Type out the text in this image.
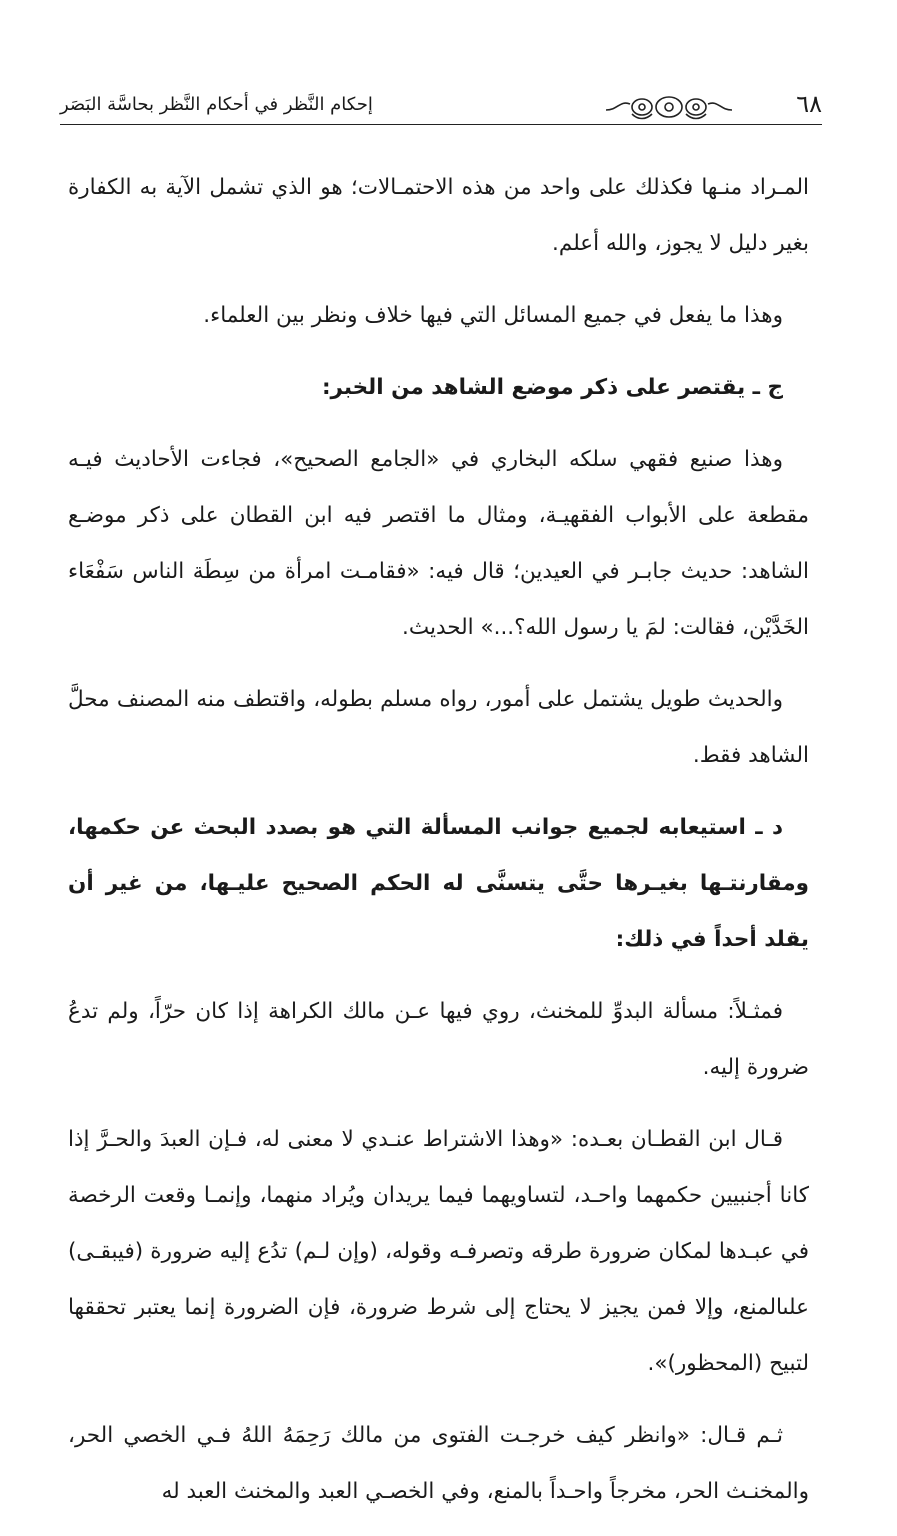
٦٨
إحكام النَّظر في أحكام النَّظر بحاسَّة البَصَر

المـراد منـها فكذلك على واحد من هذه الاحتمـالات؛ هو الذي تشمل الآية به الكفارة بغير دليل لا يجوز، والله أعلم.

وهذا ما يفعل في جميع المسائل التي فيها خلاف ونظر بين العلماء.

ج ـ يقتصر على ذكر موضع الشاهد من الخبر:

وهذا صنيع فقهي سلكه البخاري في «الجامع الصحيح»، فجاءت الأحاديث فيـه مقطعة على الأبواب الفقهيـة، ومثال ما اقتصر فيه ابن القطان على ذكر موضـع الشاهد: حديث جابـر في العيدين؛ قال فيه: «فقامـت امرأة من سِطَة الناس سَفْعَاء الخَدَّيْن، فقالت: لمَ يا رسول الله؟...» الحديث.

والحديث طويل يشتمل على أمور، رواه مسلم بطوله، واقتطف منه المصنف محلَّ الشاهد فقط.

د ـ استيعابه لجميع جوانب المسألة التي هو بصدد البحث عن حكمها، ومقارنتـها بغيـرها حتَّى يتسنَّى له الحكم الصحيح عليـها، من غير أن يقلد أحداً في ذلك:

فمثـلاً: مسألة البدوِّ للمخنث، روي فيها عـن مالك الكراهة إذا كان حرّاً، ولم تدعُ ضرورة إليه.

قـال ابن القطـان بعـده: «وهذا الاشتراط عنـدي لا معنى له، فـإن العبدَ والحـرَّ إذا كانا أجنبيين حكمهما واحـد، لتساويهما فيما يريدان ويُراد منهما، وإنمـا وقعت الرخصة في عبـدها لمكان ضرورة طرقه وتصرفـه وقوله، (وإن لـم) تدُع إليه ضرورة (فيبقـى) علىالمنع، وإلا فمن يجيز لا يحتاج إلى شرط ضرورة، فإن الضرورة إنما يعتبر تحققها لتبيح (المحظور)».

ثـم قـال: «وانظر كيف خرجـت الفتوى من مالك رَحِمَهُ اللهُ فـي الخصي الحر، والمخنـث الحر، مخرجاً واحـداً بالمنع، وفي الخصـي العبد والمخنث العبد له
